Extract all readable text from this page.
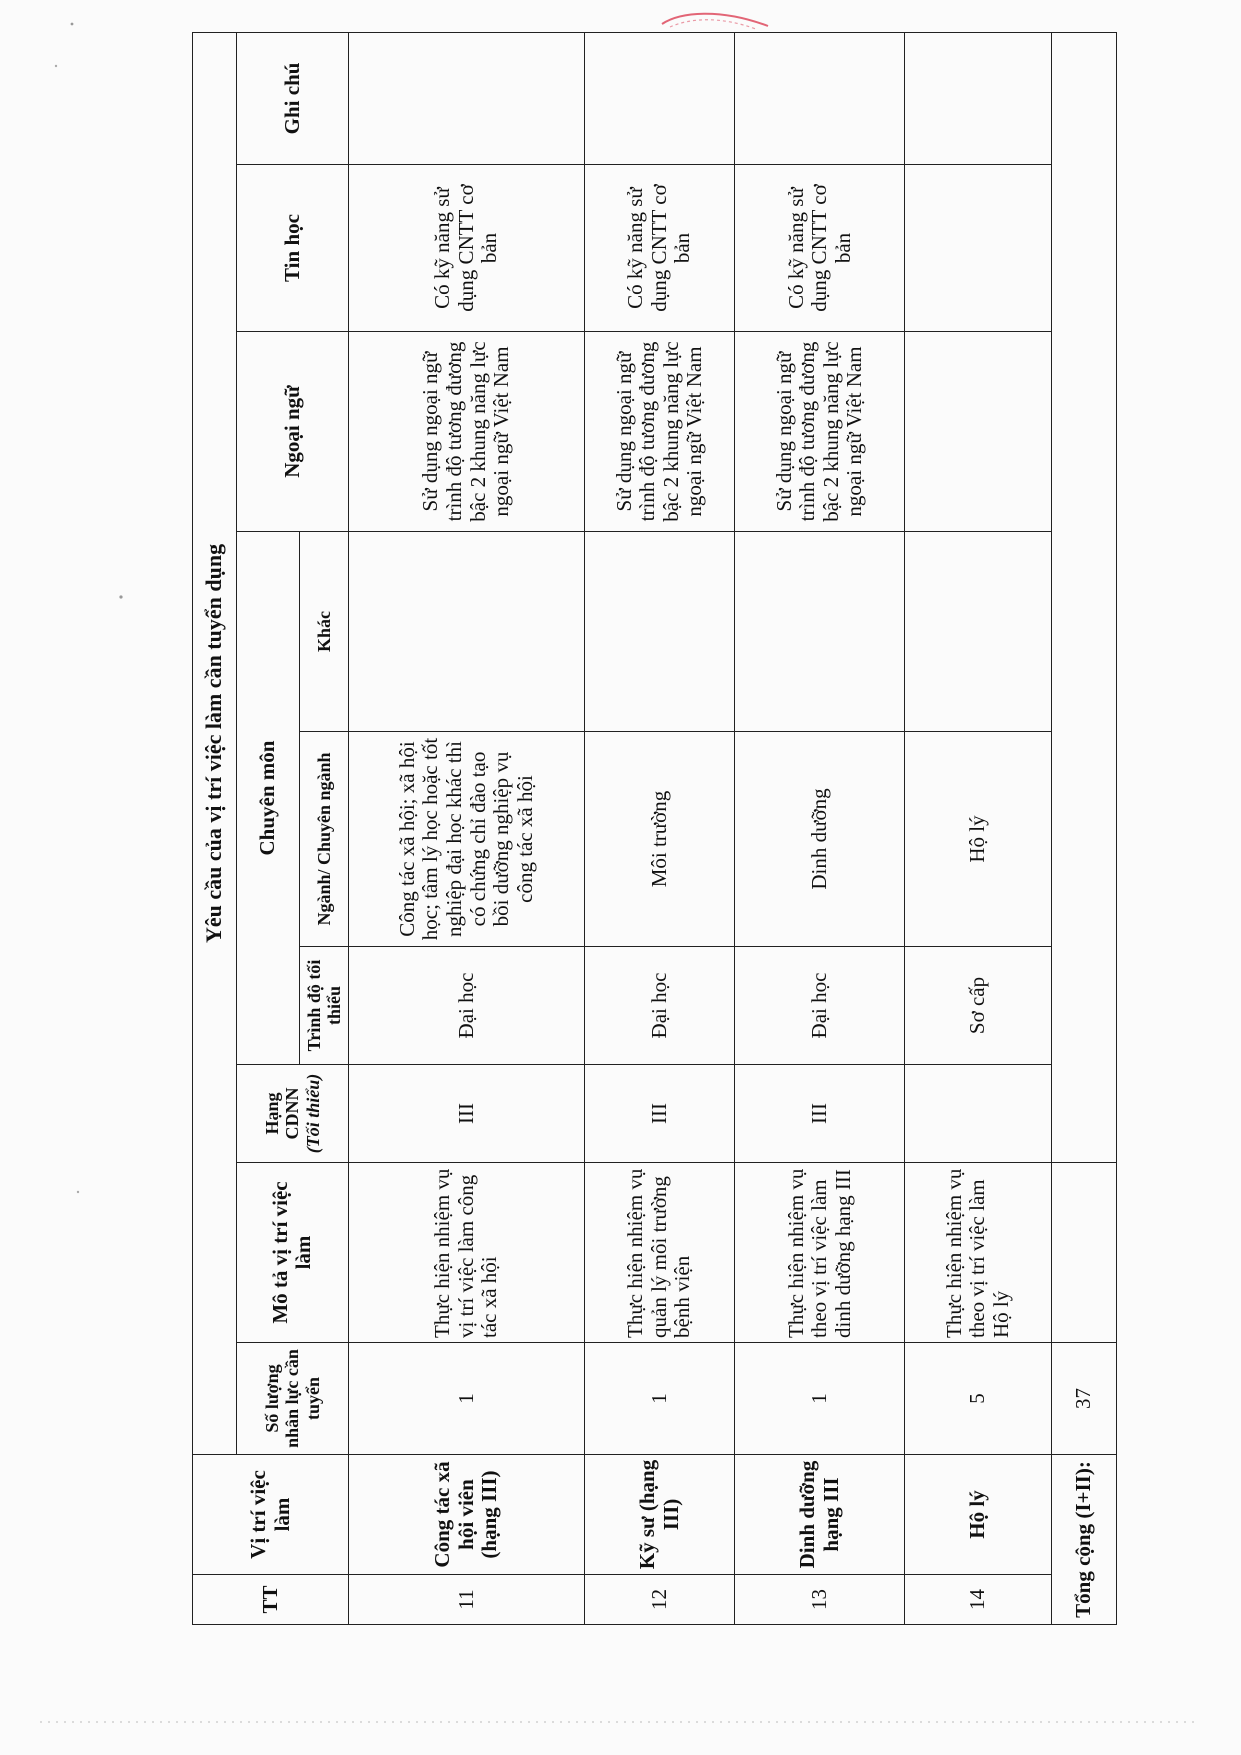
TT	Vị trí việc làm	Yêu cầu của vị trí việc làm cần tuyển dụng								
		Số lượng nhân lực cần tuyển	Mô tả vị trí việc làm	Hạng CDNN
(Tối thiểu)	Chuyên môn			Ngoại ngữ	Tin học	Ghi chú
					Trình độ tối thiểu	Ngành/ Chuyên ngành	Khác			
11	Công tác xã hội viên (hạng III)	1	Thực hiện nhiệm vụ vị trí việc làm công tác xã hội	III	Đại học	Công tác xã hội; xã hội học; tâm lý học hoặc tốt nghiệp đại học khác thì có chứng chỉ đào tạo bồi dưỡng nghiệp vụ công tác xã hội		Sử dụng ngoại ngữ trình độ tương đương bậc 2 khung năng lực ngoại ngữ Việt Nam	Có kỹ năng sử dụng CNTT cơ bản	
12	Kỹ sư (hạng III)	1	Thực hiện nhiệm vụ quản lý môi trường bệnh viện	III	Đại học	Môi trường		Sử dụng ngoại ngữ trình độ tương đương bậc 2 khung năng lực ngoại ngữ Việt Nam	Có kỹ năng sử dụng CNTT cơ bản	
13	Dinh dưỡng hạng III	1	Thực hiện nhiệm vụ theo vị trí việc làm dinh dưỡng hạng III	III	Đại học	Dinh dưỡng		Sử dụng ngoại ngữ trình độ tương đương bậc 2 khung năng lực ngoại ngữ Việt Nam	Có kỹ năng sử dụng CNTT cơ bản	
14	Hộ lý	5	Thực hiện nhiệm vụ theo vị trí việc làm Hộ lý		Sơ cấp	Hộ lý				
Tổng cộng (I+II):		37								
